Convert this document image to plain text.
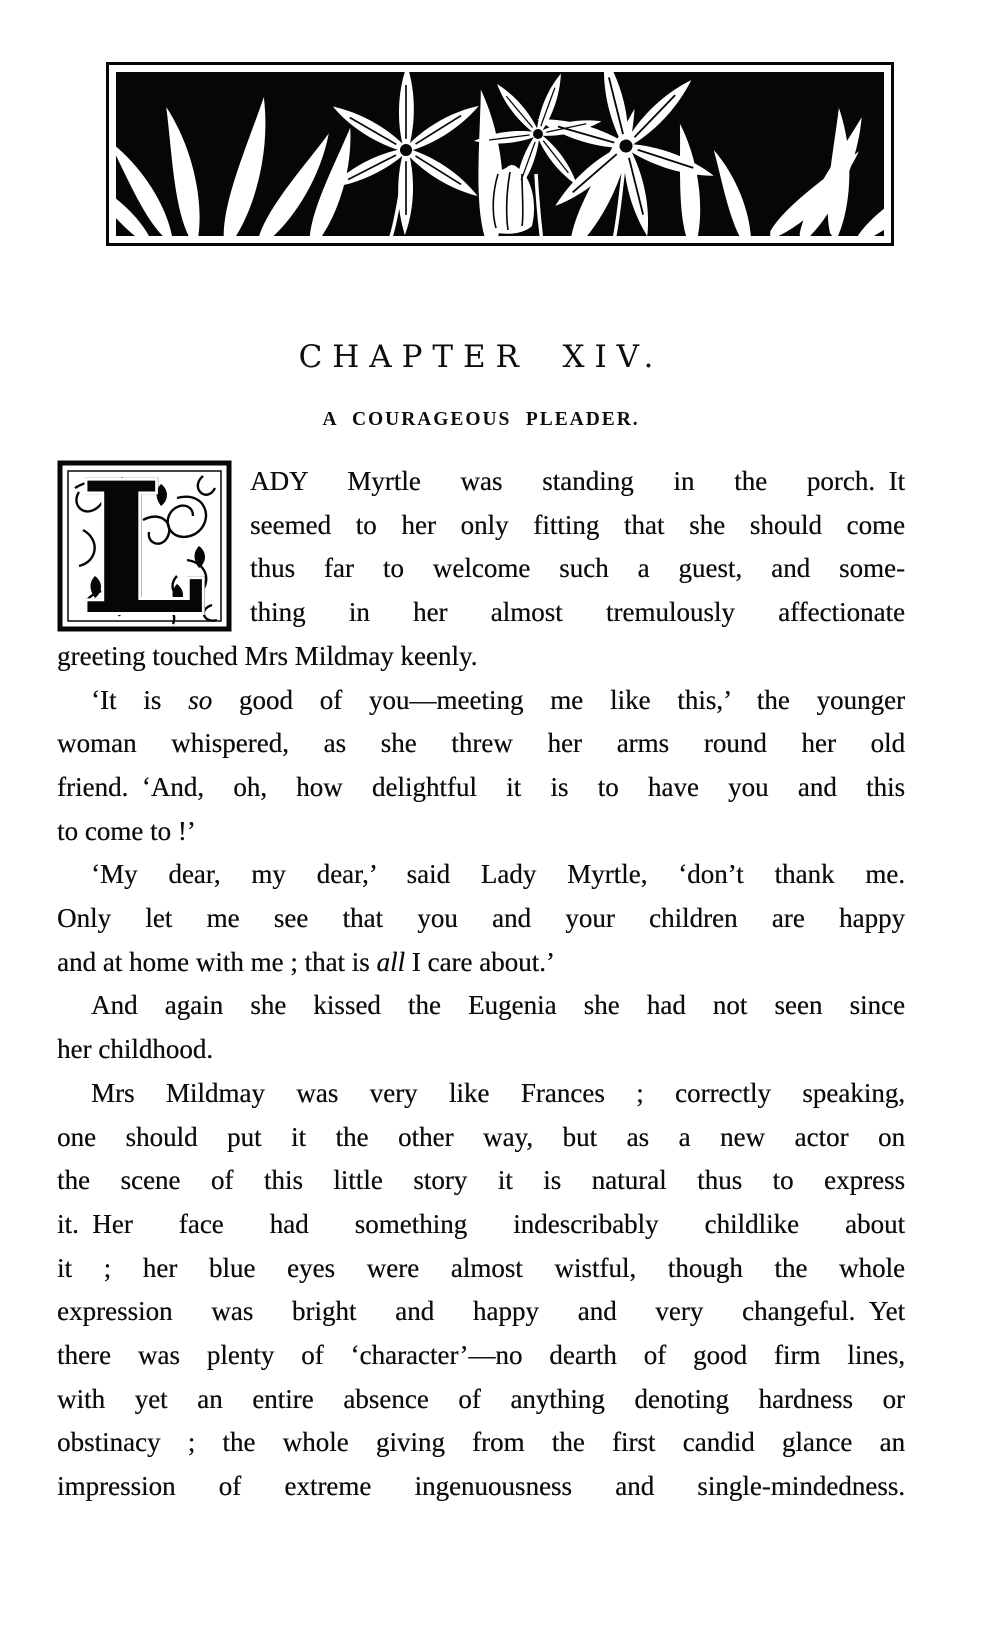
CHAPTER XIV.
A COURAGEOUS PLEADER.
L	ADY Myrtle was standing in the porch. It
seemed to her only fitting that she should come
thus far to welcome such a guest, and some-
thing in her almost tremulously affectionate
greeting touched Mrs Mildmay keenly.
‘It is so good of you—meeting me like this,’ the younger
woman whispered, as she threw her arms round her old
friend. ‘And, oh, how delightful it is to have you and this
to come to !’
‘My dear, my dear,’ said Lady Myrtle, ‘don’t thank me.
Only let me see that you and your children are happy
and at home with me ; that is all I care about.’
And again she kissed the Eugenia she had not seen since
her childhood.
Mrs Mildmay was very like Frances ; correctly speaking,
one should put it the other way, but as a new actor on
the scene of this little story it is natural thus to express
it. Her face had something indescribably childlike about
it ; her blue eyes were almost wistful, though the whole
expression was bright and happy and very changeful. Yet
there was plenty of ‘character’—no dearth of good firm lines,
with yet an entire absence of anything denoting hardness or
obstinacy ; the whole giving from the first candid glance an
impression of extreme ingenuousness and single-mindedness.
